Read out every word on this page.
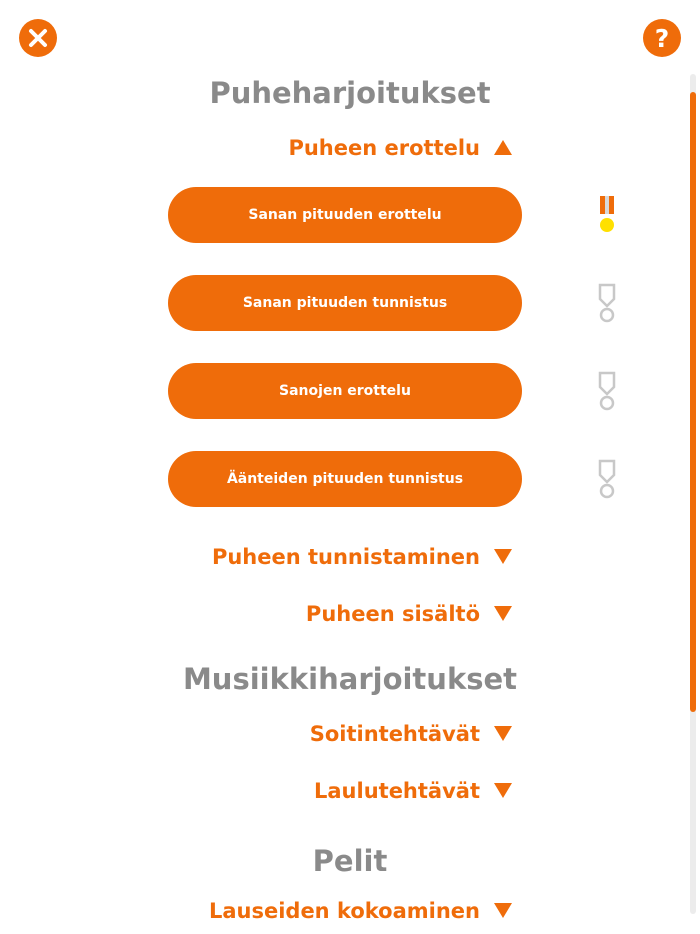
?
Puheharjoitukset
Puheen erottelu
Sanan pituuden erottelu
Sanan pituuden tunnistus
Sanojen erottelu
Äänteiden pituuden tunnistus
Puheen tunnistaminen
Puheen sisältö
Musiikkiharjoitukset
Soitintehtävät
Laulutehtävät
Pelit
Lauseiden kokoaminen
